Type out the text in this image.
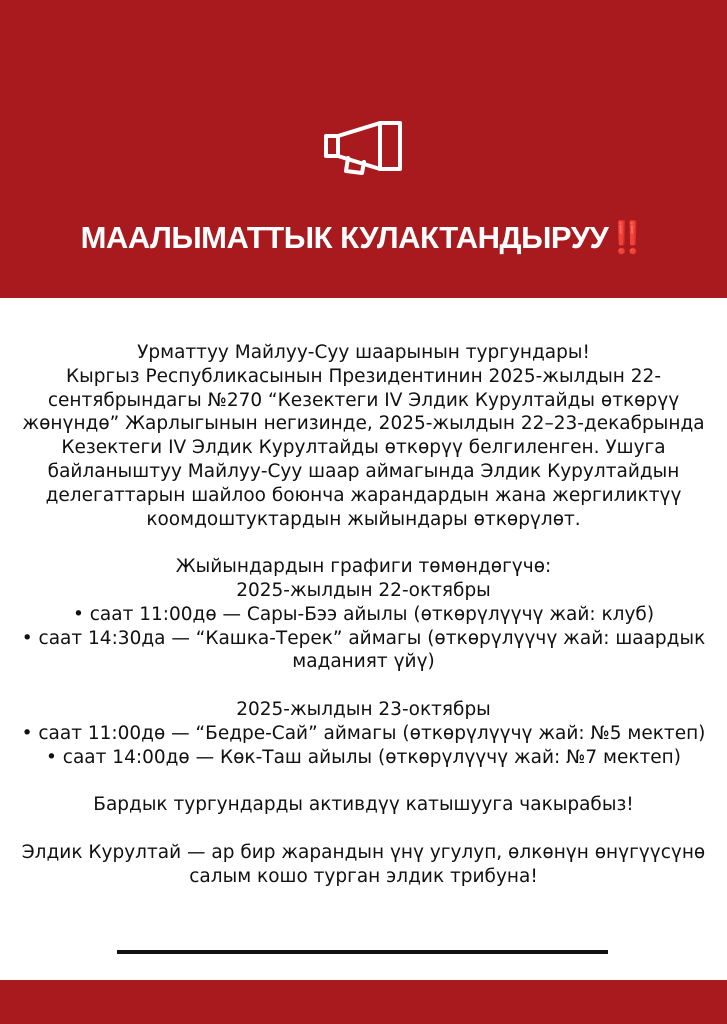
МААЛЫМАТТЫК КУЛАКТАНДЫРУУ‼️

Урматтуу Майлуу-Суу шаарынын тургундары!

Кыргыз Республикасынын Президентинин 2025-жылдын 22-сентябрындагы №270 “Кезектеги IV Элдик Курултайды өткөрүү жөнүндө” Жарлыгынын негизинде, 2025-жылдын 22–23-декабрында Кезектеги IV Элдик Курултайды өткөрүү белгиленген. Ушуга байланыштуу Майлуу-Суу шаар аймагында Элдик Курултайдын делегаттарын шайлоо боюнча жарандардын жана жергиликтүү коомдоштуктардын жыйындары өткөрүлөт.

Жыйындардын графиги төмөндөгүчө:

2025-жылдын 22-октябры

• саат 11:00дө — Сары-Бээ айылы (өткөрүлүүчү жай: клуб)

• саат 14:30да — “Кашка-Терек” аймагы (өткөрүлүүчү жай: шаардык маданият үйү)

2025-жылдын 23-октябры

• саат 11:00дө — “Бедре-Сай” аймагы (өткөрүлүүчү жай: №5 мектеп)

• саат 14:00дө — Көк-Таш айылы (өткөрүлүүчү жай: №7 мектеп)

Бардык тургундарды активдүү катышууга чакырабыз!

Элдик Курултай — ар бир жарандын үнү угулуп, өлкөнүн өнүгүүсүнө салым кошо турган элдик трибуна!
